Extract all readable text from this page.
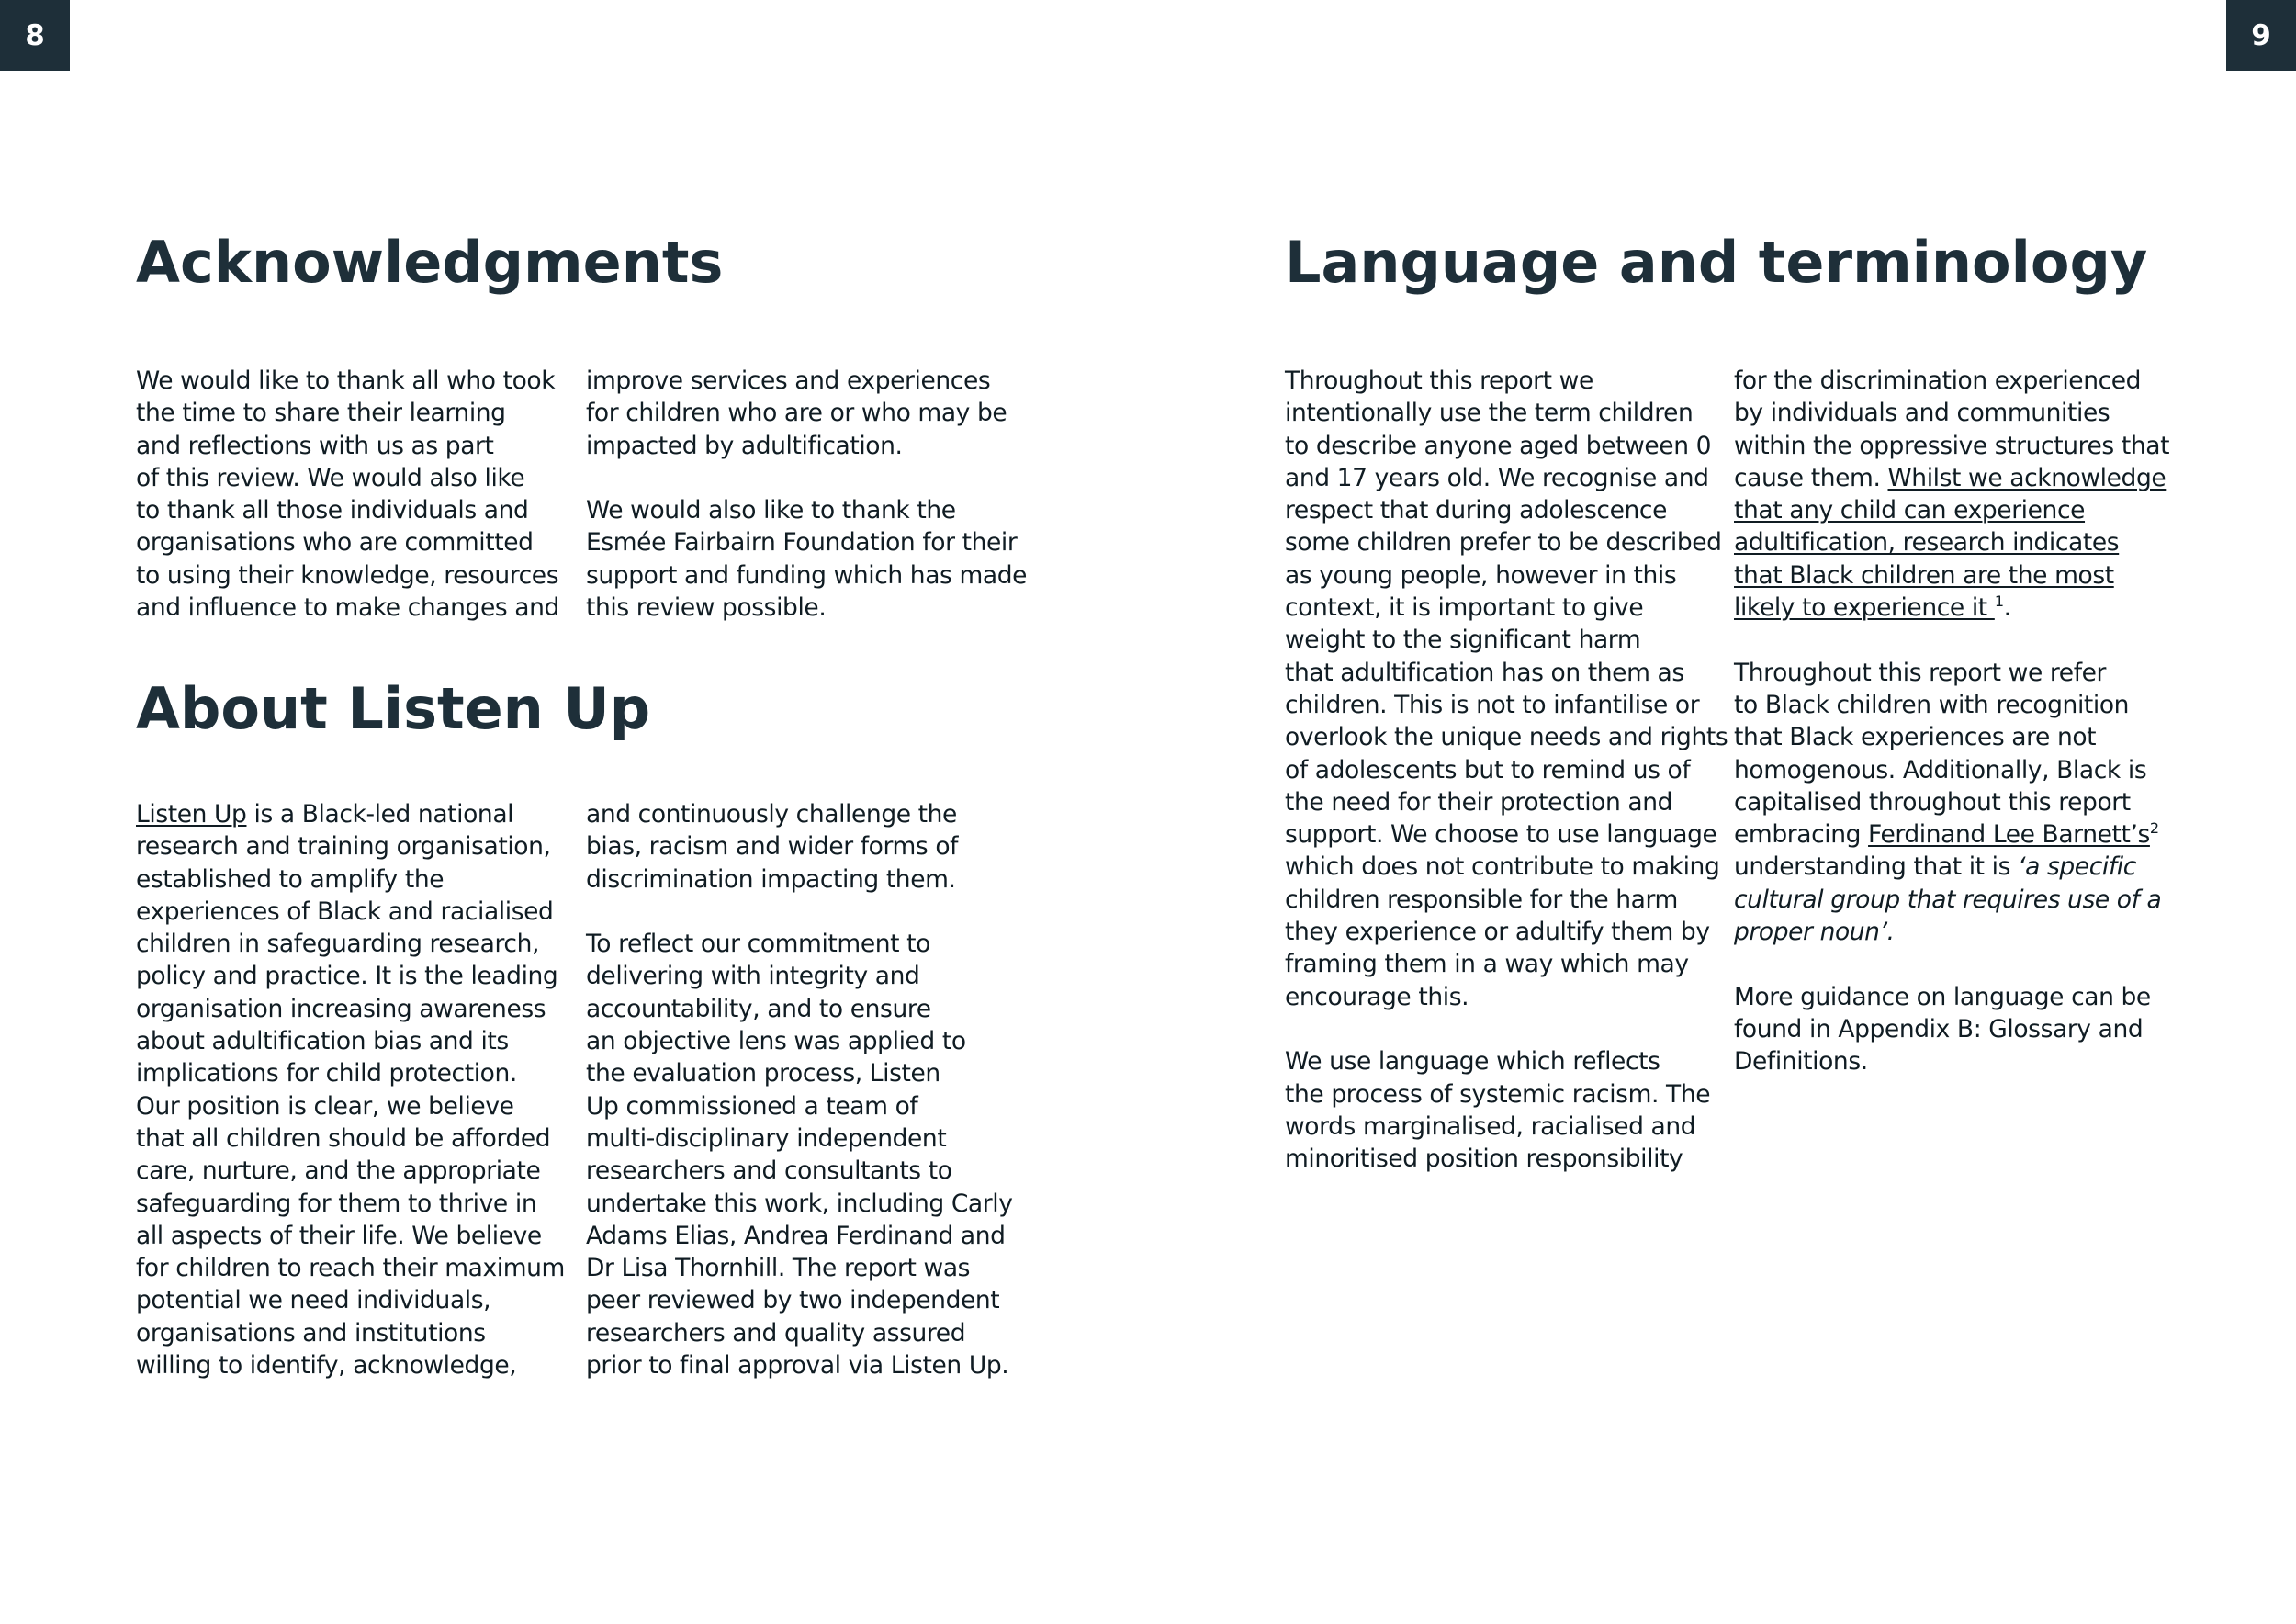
8	9
Acknowledgments

We would like to thank all who took
the time to share their learning
and reflections with us as part
of this review. We would also like
to thank all those individuals and
organisations who are committed
to using their knowledge, resources
and influence to make changes and

improve services and experiences
for children who are or who may be
impacted by adultification.

We would also like to thank the
Esmée Fairbairn Foundation for their
support and funding which has made
this review possible.

About Listen Up

Listen Up is a Black-led national
research and training organisation,
established to amplify the
experiences of Black and racialised
children in safeguarding research,
policy and practice. It is the leading
organisation increasing awareness
about adultification bias and its
implications for child protection.
Our position is clear, we believe
that all children should be afforded
care, nurture, and the appropriate
safeguarding for them to thrive in
all aspects of their life. We believe
for children to reach their maximum
potential we need individuals,
organisations and institutions
willing to identify, acknowledge,

and continuously challenge the
bias, racism and wider forms of
discrimination impacting them.

To reflect our commitment to
delivering with integrity and
accountability, and to ensure
an objective lens was applied to
the evaluation process, Listen
Up commissioned a team of
multi-disciplinary independent
researchers and consultants to
undertake this work, including Carly
Adams Elias, Andrea Ferdinand and
Dr Lisa Thornhill. The report was
peer reviewed by two independent
researchers and quality assured
prior to final approval via Listen Up.

Language and terminology

Throughout this report we
intentionally use the term children
to describe anyone aged between 0
and 17 years old. We recognise and
respect that during adolescence
some children prefer to be described
as young people, however in this
context, it is important to give
weight to the significant harm
that adultification has on them as
children. This is not to infantilise or
overlook the unique needs and rights
of adolescents but to remind us of
the need for their protection and
support. We choose to use language
which does not contribute to making
children responsible for the harm
they experience or adultify them by
framing them in a way which may
encourage this.

We use language which reflects
the process of systemic racism. The
words marginalised, racialised and
minoritised position responsibility

for the discrimination experienced
by individuals and communities
within the oppressive structures that
cause them. Whilst we acknowledge
that any child can experience
adultification, research indicates
that Black children are the most
likely to experience it $^1$.

Throughout this report we refer
to Black children with recognition
that Black experiences are not
homogenous. Additionally, Black is
capitalised throughout this report
embracing Ferdinand Lee $Barnett’s^2$
understanding that it is ‘a specific
cultural group that requires use of a
proper noun’.

More guidance on language can be
found in Appendix B: Glossary and
Definitions.
